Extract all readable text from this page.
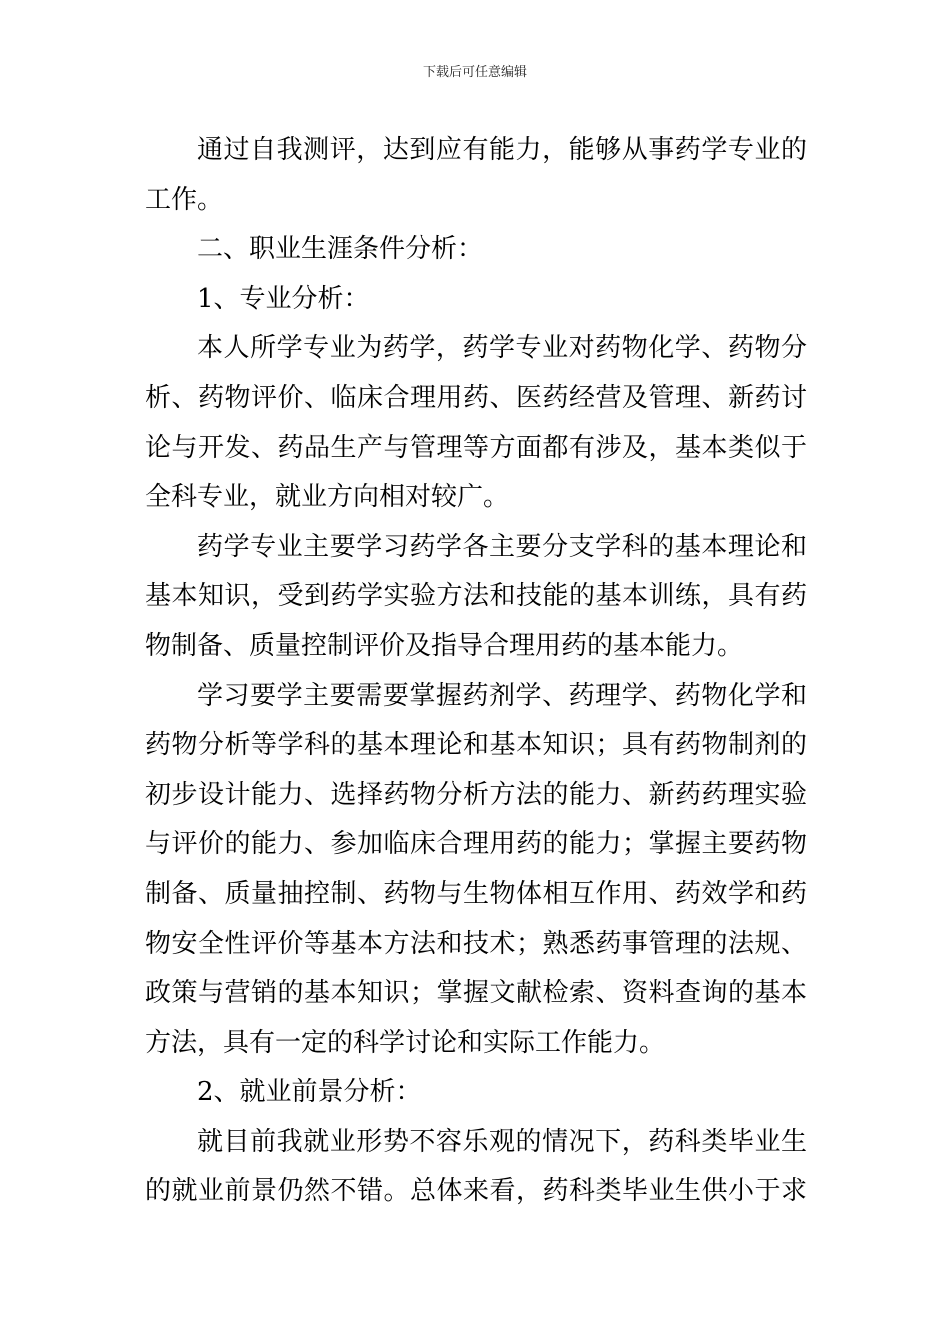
下载后可任意编辑
通过自我测评，达到应有能力，能够从事药学专业的
工作。
二、职业生涯条件分析：
1、专业分析：
本人所学专业为药学，药学专业对药物化学、药物分
析、药物评价、临床合理用药、医药经营及管理、新药讨
论与开发、药品生产与管理等方面都有涉及，基本类似于
全科专业，就业方向相对较广。
药学专业主要学习药学各主要分支学科的基本理论和
基本知识，受到药学实验方法和技能的基本训练，具有药
物制备、质量控制评价及指导合理用药的基本能力。
学习要学主要需要掌握药剂学、药理学、药物化学和
药物分析等学科的基本理论和基本知识；具有药物制剂的
初步设计能力、选择药物分析方法的能力、新药药理实验
与评价的能力、参加临床合理用药的能力；掌握主要药物
制备、质量抽控制、药物与生物体相互作用、药效学和药
物安全性评价等基本方法和技术；熟悉药事管理的法规、
政策与营销的基本知识；掌握文献检索、资料查询的基本
方法，具有一定的科学讨论和实际工作能力。
2、就业前景分析：
就目前我就业形势不容乐观的情况下，药科类毕业生
的就业前景仍然不错。总体来看，药科类毕业生供小于求
